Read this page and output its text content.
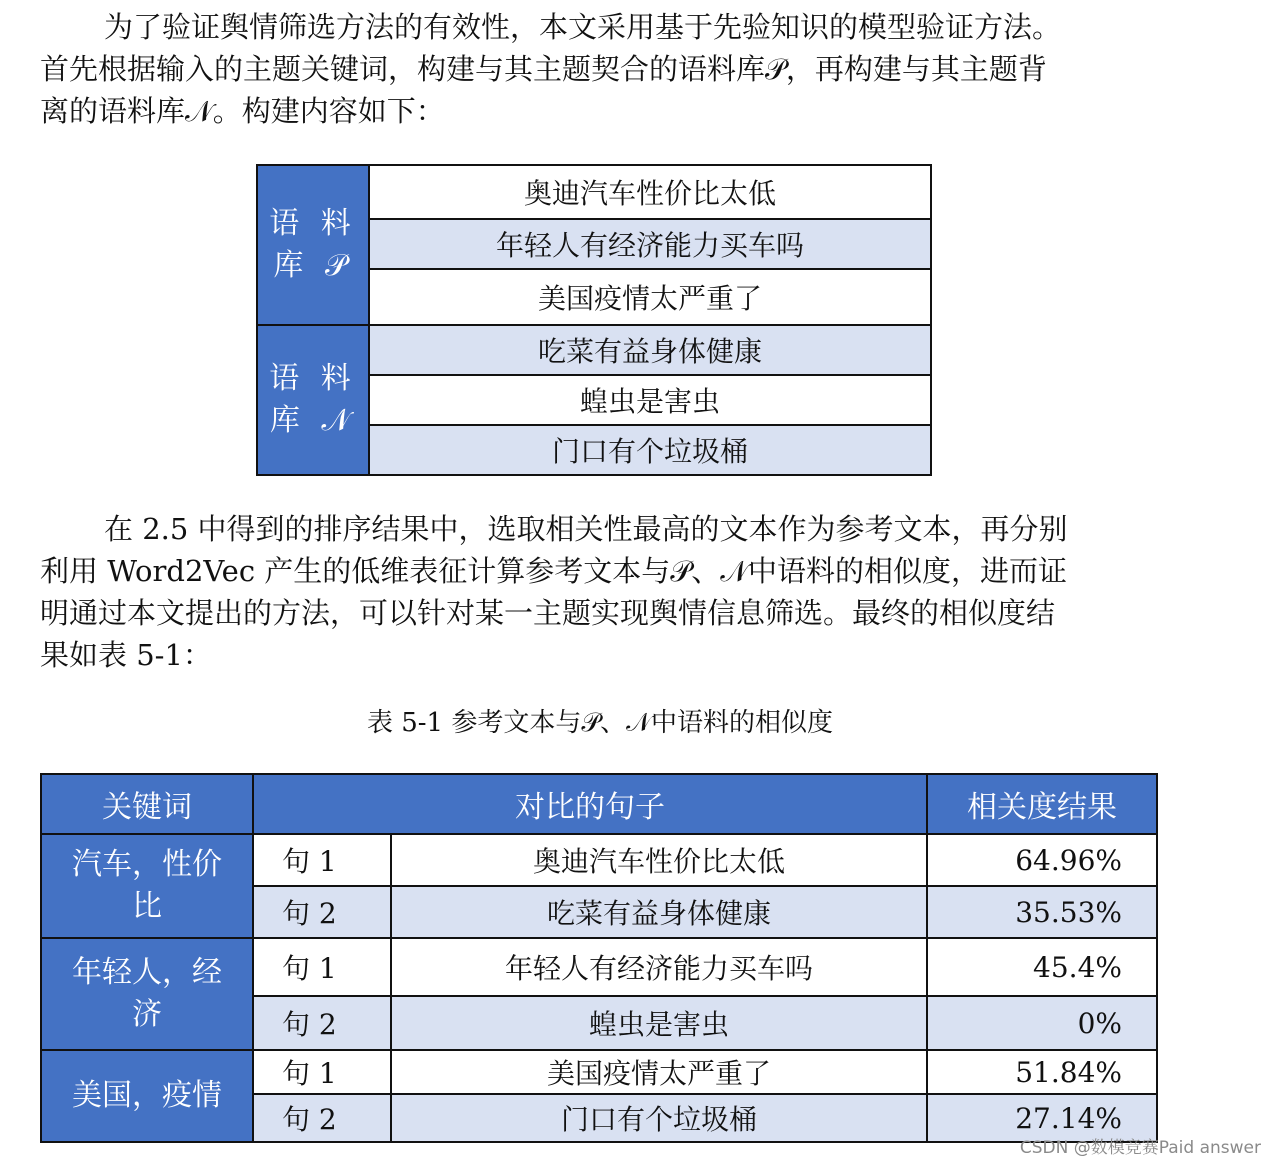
为了验证舆情筛选方法的有效性，本文采用基于先验知识的模型验证方法。
首先根据输入的主题关键词，构建与其主题契合的语料库𝒫，再构建与其主题背
离的语料库𝒩。构建内容如下：

语 料
库 𝒫	奥迪汽车性价比太低
	年轻人有经济能力买车吗
	美国疫情太严重了

语 料
库 𝒩	吃菜有益身体健康
	蝗虫是害虫
	门口有个垃圾桶

在 2.5 中得到的排序结果中，选取相关性最高的文本作为参考文本，再分别
利用 Word2Vec 产生的低维表征计算参考文本与𝒫、𝒩中语料的相似度，进而证
明通过本文提出的方法，可以针对某一主题实现舆情信息筛选。最终的相似度结
果如表 5-1：

表 5-1 参考文本与𝒫、𝒩中语料的相似度
关键词	对比的句子		相关度结果

汽车，性价
比	句 1	奥迪汽车性价比太低	64.96%
	句 2	吃菜有益身体健康	35.53%

年轻人，经
济	句 1	年轻人有经济能力买车吗	45.4%
	句 2	蝗虫是害虫	0%

美国，疫情	句 1	美国疫情太严重了	51.84%
	句 2	门口有个垃圾桶	27.14%
CSDN @数模竞赛Paid answer
